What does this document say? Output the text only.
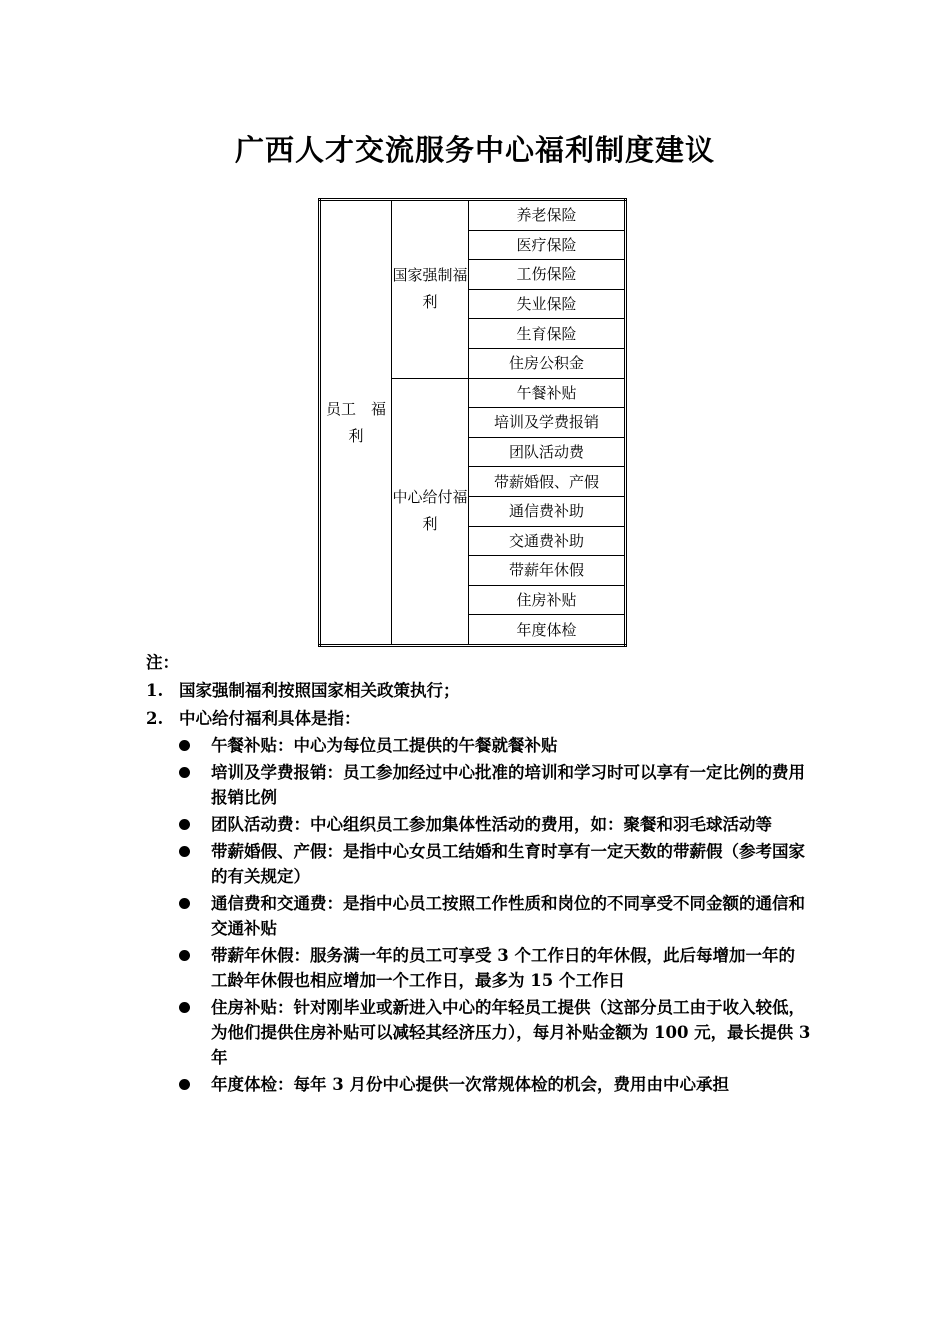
广西人才交流服务中心福利制度建议
员工　福利	国家强制福利	养老保险
		医疗保险
		工伤保险
		失业保险
		生育保险
		住房公积金
	中心给付福利	午餐补贴
		培训及学费报销
		团队活动费
		带薪婚假、产假
		通信费补助
		交通费补助
		带薪年休假
		住房补贴
		年度体检
注：
1. 国家强制福利按照国家相关政策执行；
2. 中心给付福利具体是指：
午餐补贴：中心为每位员工提供的午餐就餐补贴
培训及学费报销：员工参加经过中心批准的培训和学习时可以享有一定比例的费用报销比例
团队活动费：中心组织员工参加集体性活动的费用，如：聚餐和羽毛球活动等
带薪婚假、产假：是指中心女员工结婚和生育时享有一定天数的带薪假（参考国家的有关规定）
通信费和交通费：是指中心员工按照工作性质和岗位的不同享受不同金额的通信和交通补贴
带薪年休假：服务满一年的员工可享受 3 个工作日的年休假，此后每增加一年的工龄年休假也相应增加一个工作日，最多为 15 个工作日
住房补贴：针对刚毕业或新进入中心的年轻员工提供（这部分员工由于收入较低，为他们提供住房补贴可以减轻其经济压力），每月补贴金额为 100 元，最长提供 3 年
年度体检：每年 3 月份中心提供一次常规体检的机会，费用由中心承担
